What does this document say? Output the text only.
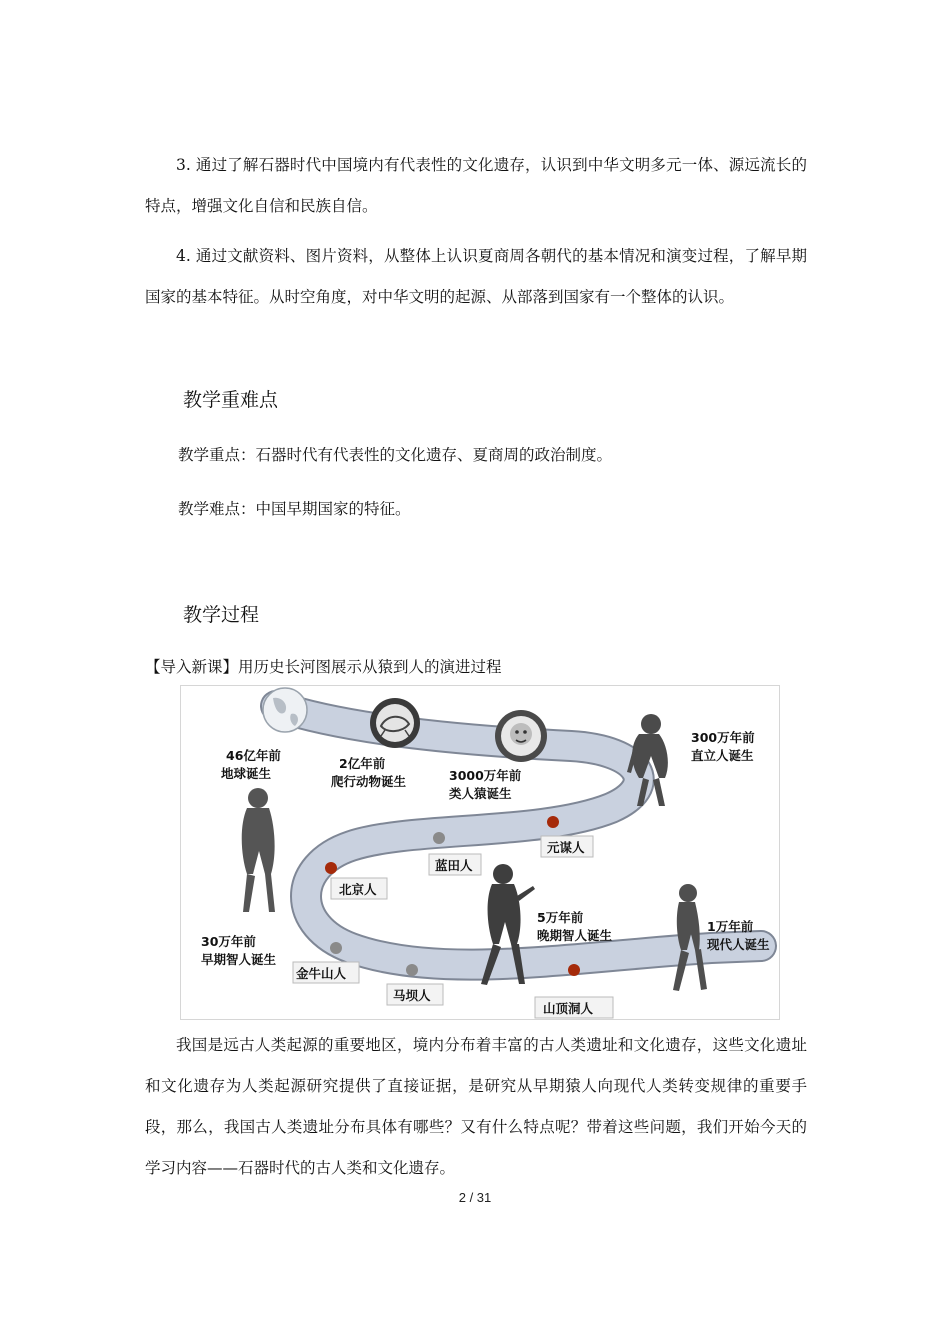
3. 通过了解石器时代中国境内有代表性的文化遗存，认识到中华文明多元一体、源远流长的特点，增强文化自信和民族自信。

4. 通过文献资料、图片资料，从整体上认识夏商周各朝代的基本情况和演变过程，了解早期国家的基本特征。从时空角度，对中华文明的起源、从部落到国家有一个整体的认识。

教学重难点

教学重点：石器时代有代表性的文化遗存、夏商周的政治制度。

教学难点：中国早期国家的特征。

教学过程

【导入新课】用历史长河图展示从猿到人的演进过程

46亿年前
地球诞生
2亿年前
爬行动物诞生	3000万年前
类人猿诞生
300万年前
直立人诞生
30万年前
早期智人诞生
5万年前
晚期智人诞生
1万年前
现代人诞生
元谋人
蓝田人
北京人
金牛山人
马坝人
山顶洞人

我国是远古人类起源的重要地区，境内分布着丰富的古人类遗址和文化遗存，这些文化遗址和文化遗存为人类起源研究提供了直接证据，是研究从早期猿人向现代人类转变规律的重要手段，那么，我国古人类遗址分布具体有哪些？又有什么特点呢？带着这些问题，我们开始今天的学习内容——石器时代的古人类和文化遗存。

2 / 31
